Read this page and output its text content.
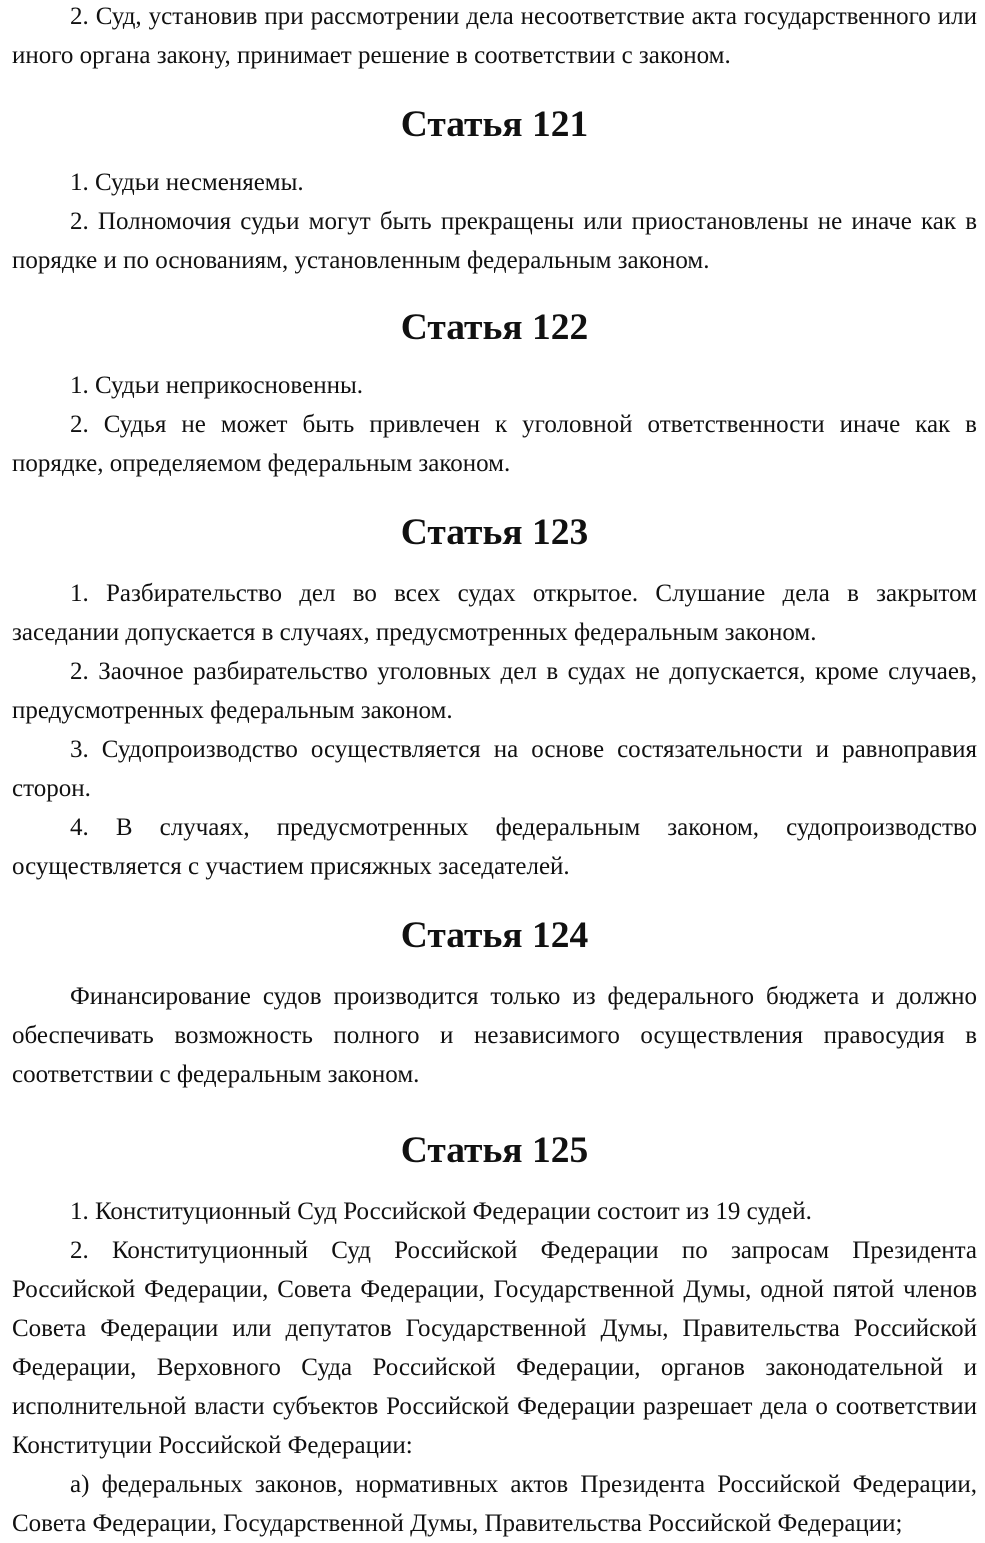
2. Суд, установив при рассмотрении дела несоответствие акта государственного или иного органа закону, принимает решение в соответствии с законом.

Статья 121

1. Судьи несменяемы.

2. Полномочия судьи могут быть прекращены или приостановлены не иначе как в порядке и по основаниям, установленным федеральным законом.

Статья 122

1. Судьи неприкосновенны.

2. Судья не может быть привлечен к уголовной ответственности иначе как в порядке, определяемом федеральным законом.

Статья 123

1. Разбирательство дел во всех судах открытое. Слушание дела в закрытом заседании допускается в случаях, предусмотренных федеральным законом.

2. Заочное разбирательство уголовных дел в судах не допускается, кроме случаев, предусмотренных федеральным законом.

3. Судопроизводство осуществляется на основе состязательности и равноправия сторон.

4. В случаях, предусмотренных федеральным законом, судопроизводство осуществляется с участием присяжных заседателей.

Статья 124

Финансирование судов производится только из федерального бюджета и должно обеспечивать возможность полного и независимого осуществления правосудия в соответствии с федеральным законом.

Статья 125

1. Конституционный Суд Российской Федерации состоит из 19 судей.

2. Конституционный Суд Российской Федерации по запросам Президента Российской Федерации, Совета Федерации, Государственной Думы, одной пятой членов Совета Федерации или депутатов Государственной Думы, Правительства Российской Федерации, Верховного Суда Российской Федерации, органов законодательной и исполнительной власти субъектов Российской Федерации разрешает дела о соответствии Конституции Российской Федерации:

а) федеральных законов, нормативных актов Президента Российской Федерации, Совета Федерации, Государственной Думы, Правительства Российской Федерации;
